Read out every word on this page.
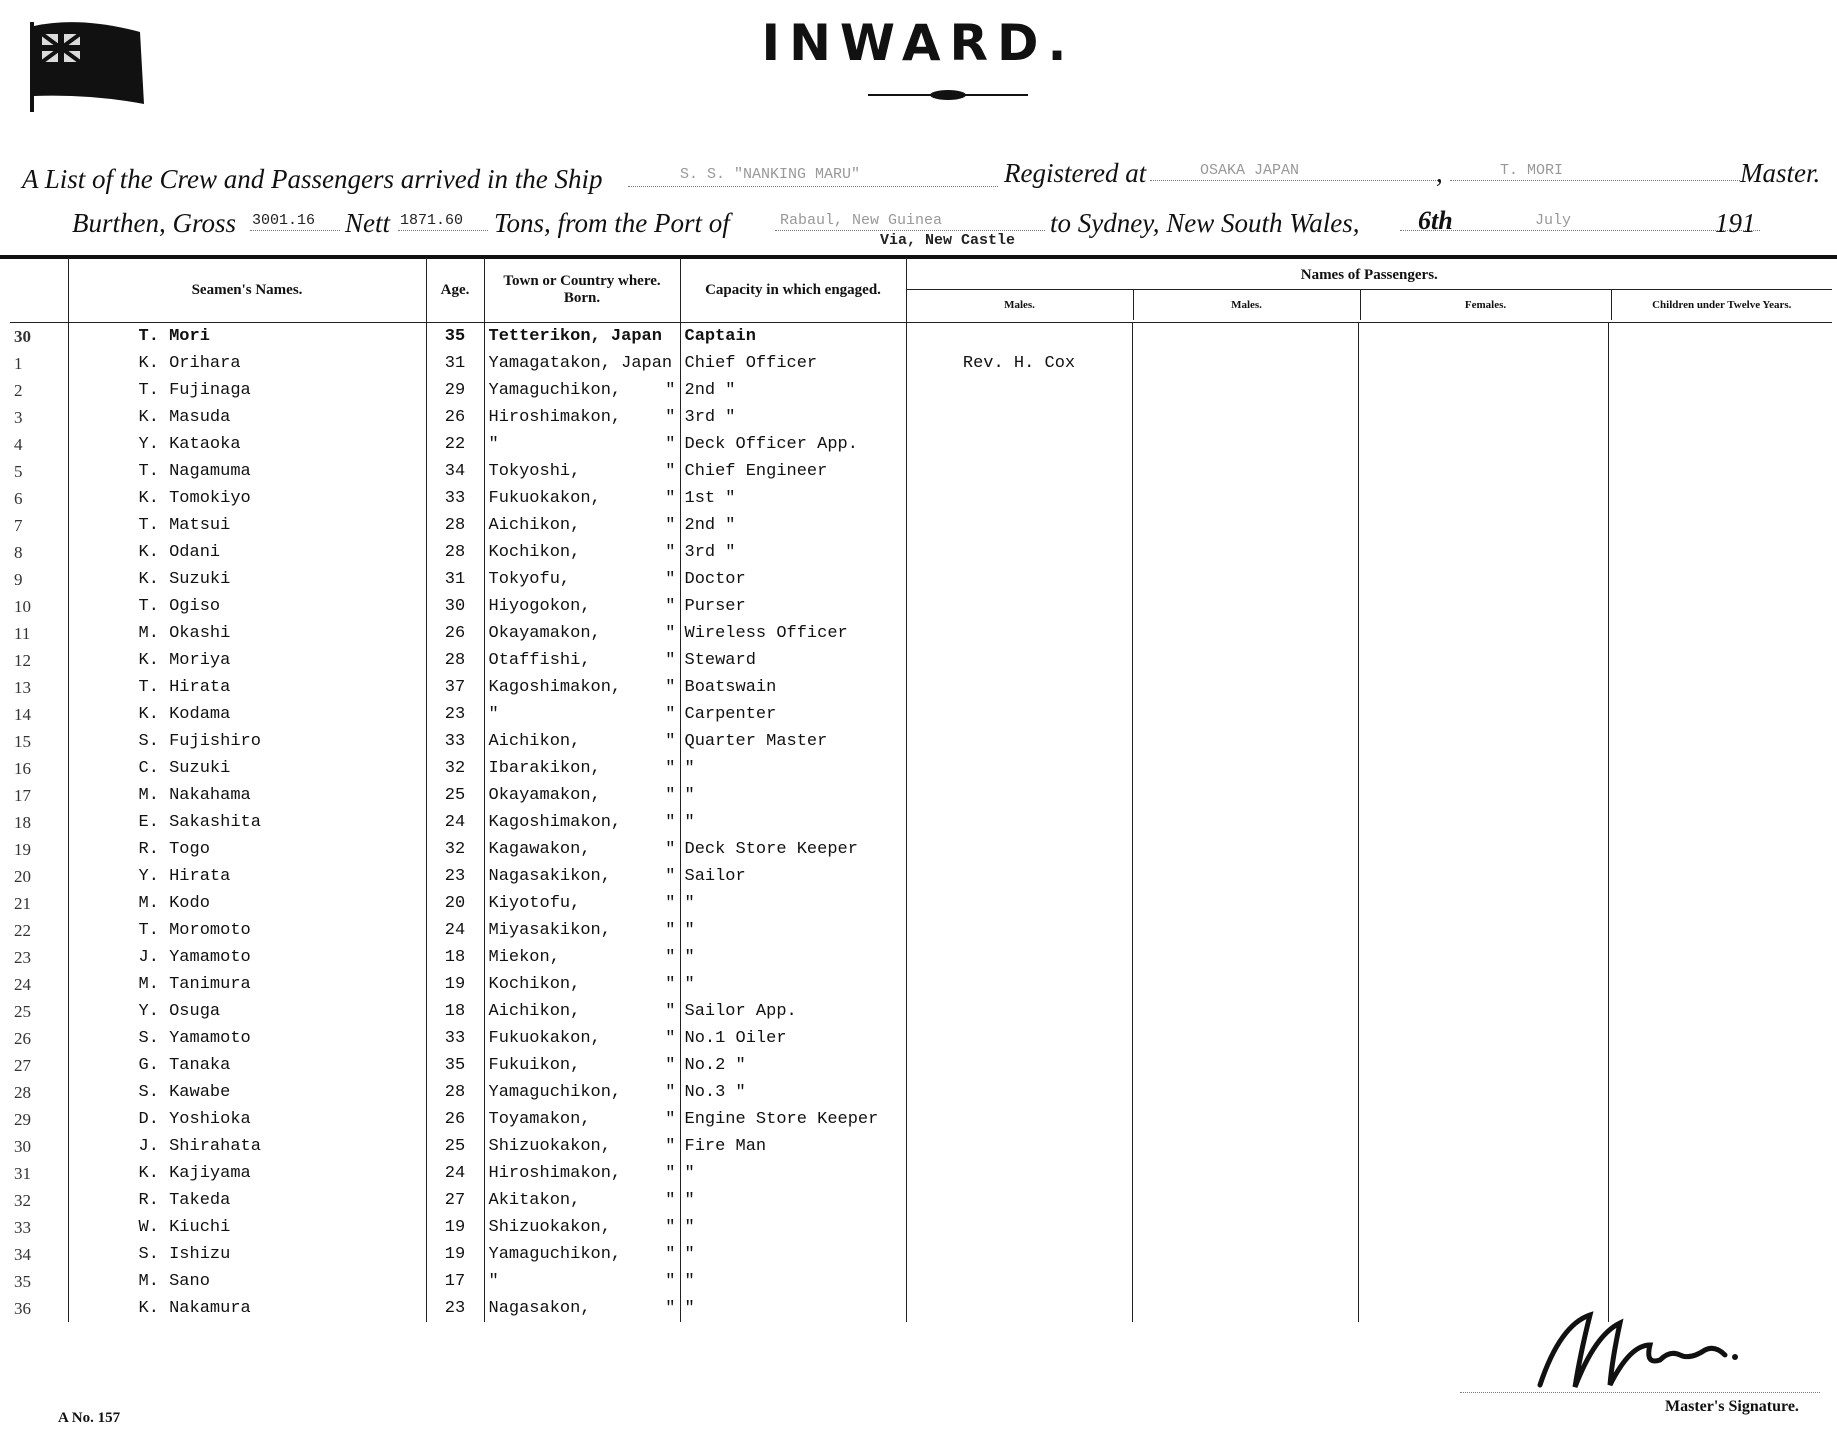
INWARD.
A List of the Crew and Passengers arrived in the Ship	S. S. "NANKING MARU"	Registered at	OSAKA JAPAN	,	T. MORI	Master.
Burthen, Gross 3001.16 Nett 1871.60 Tons, from the Port of	Rabaul, New Guinea
Via, New Castle
to Sydney, New South Wales, 6th	July	191
	Seamen's Names.	Age.	Town or Country where. Born.	Capacity in which engaged.	Names of Passengers.
Males. Males. Females. Children under Twelve Years.			

30	T. Mori	35	Tetterikon, Japan	Captain				
1	K. Orihara	31	Yamagatakon, Japan	Chief Officer	Rev. H. Cox			
2	T. Fujinaga	29	Yamaguchikon, "	2nd "				
3	K. Masuda	26	Hiroshimakon, "	3rd "				
4	Y. Kataoka	22	" "	Deck Officer App.				
5	T. Nagamuma	34	Tokyoshi, "	Chief Engineer				
6	K. Tomokiyo	33	Fukuokakon, "	1st "				
7	T. Matsui	28	Aichikon, "	2nd "				
8	K. Odani	28	Kochikon, "	3rd "				
9	K. Suzuki	31	Tokyofu, "	Doctor				
10	T. Ogiso	30	Hiyogokon, "	Purser				
11	M. Okashi	26	Okayamakon, "	Wireless Officer				
12	K. Moriya	28	Otaffishi, "	Steward				
13	T. Hirata	37	Kagoshimakon, "	Boatswain				
14	K. Kodama	23	" "	Carpenter				
15	S. Fujishiro	33	Aichikon, "	Quarter Master				
16	C. Suzuki	32	Ibarakikon, "	"				
17	M. Nakahama	25	Okayamakon, "	"				
18	E. Sakashita	24	Kagoshimakon, "	"				
19	R. Togo	32	Kagawakon, "	Deck Store Keeper				
20	Y. Hirata	23	Nagasakikon, "	Sailor				
21	M. Kodo	20	Kiyotofu, "	"				
22	T. Moromoto	24	Miyasakikon, "	"				
23	J. Yamamoto	18	Miekon, "	"				
24	M. Tanimura	19	Kochikon, "	"				
25	Y. Osuga	18	Aichikon, "	Sailor App.				
26	S. Yamamoto	33	Fukuokakon, "	No.1 Oiler				
27	G. Tanaka	35	Fukuikon, "	No.2 "				
28	S. Kawabe	28	Yamaguchikon, "	No.3 "				
29	D. Yoshioka	26	Toyamakon, "	Engine Store Keeper				
30	J. Shirahata	25	Shizuokakon, "	Fire Man				
31	K. Kajiyama	24	Hiroshimakon, "	"				
32	R. Takeda	27	Akitakon, "	"				
33	W. Kiuchi	19	Shizuokakon, "	"				
34	S. Ishizu	19	Yamaguchikon, "	"				
35	M. Sano	17	" "	"				
36	K. Nakamura	23	Nagasakon, "	"				
Master's Signature.
A No. 157
